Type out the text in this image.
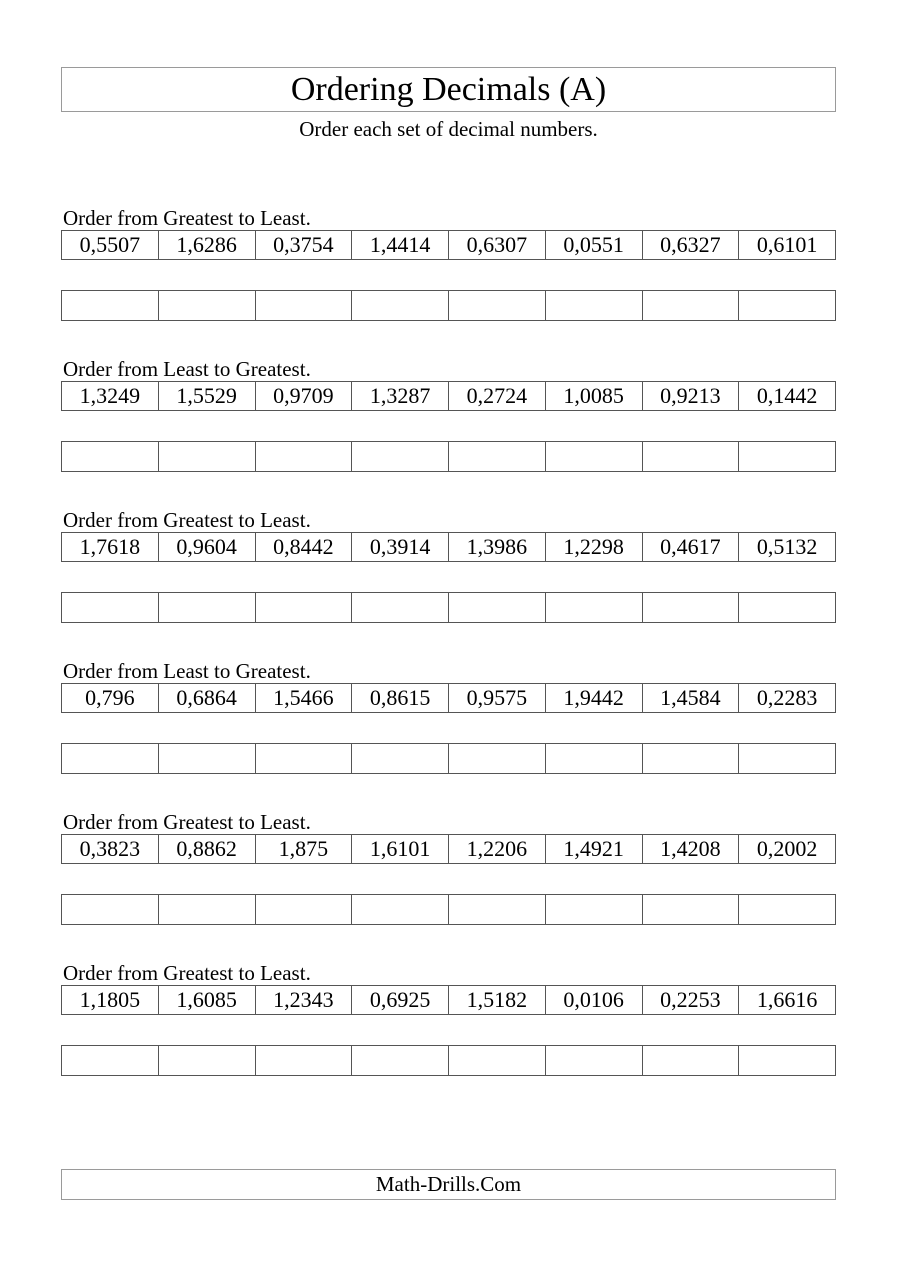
Ordering Decimals (A)
Order each set of decimal numbers.
Order from Greatest to Least.
0,5507	1,6286	0,3754	1,4414	0,6307	0,0551	0,6327	0,6101
Order from Least to Greatest.
1,3249	1,5529	0,9709	1,3287	0,2724	1,0085	0,9213	0,1442
Order from Greatest to Least.
1,7618	0,9604	0,8442	0,3914	1,3986	1,2298	0,4617	0,5132
Order from Least to Greatest.
0,796	0,6864	1,5466	0,8615	0,9575	1,9442	1,4584	0,2283
Order from Greatest to Least.
0,3823	0,8862	1,875	1,6101	1,2206	1,4921	1,4208	0,2002
Order from Greatest to Least.
1,1805	1,6085	1,2343	0,6925	1,5182	0,0106	0,2253	1,6616
Math-Drills.Com
